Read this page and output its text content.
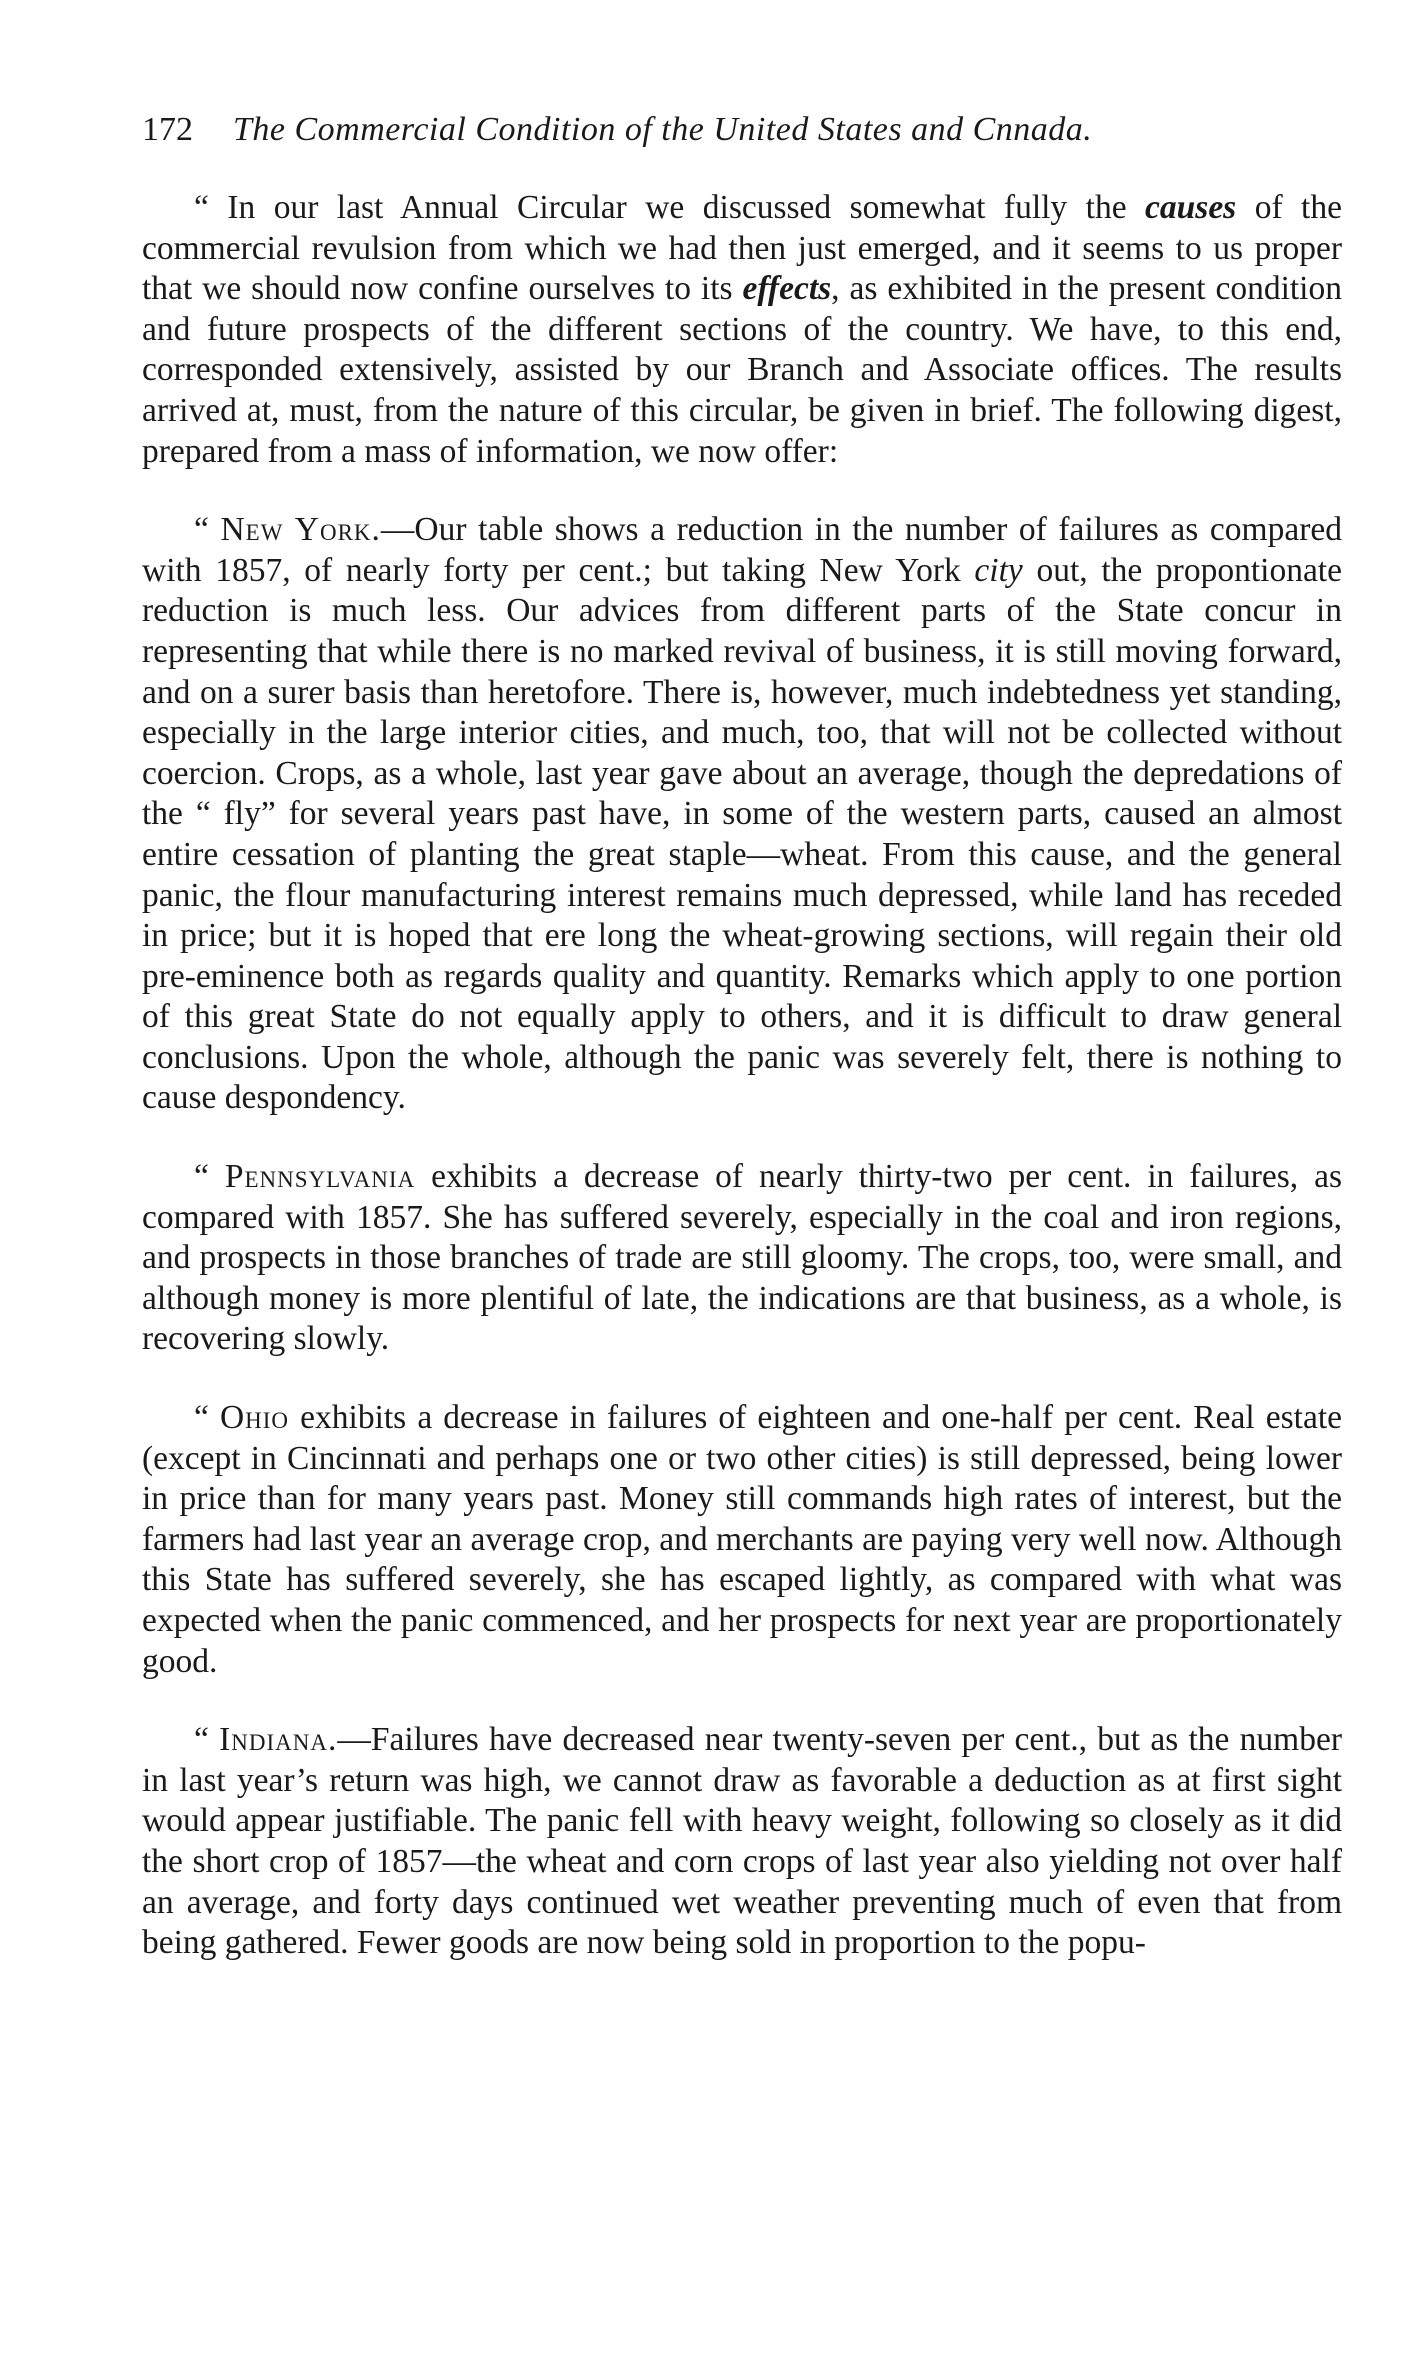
172 The Commercial Condition of the United States and Cnnada.

“ In our last Annual Circular we discussed somewhat fully the causes of the commercial revulsion from which we had then just emerged, and it seems to us proper that we should now confine ourselves to its effects, as exhibited in the present condition and future prospects of the different sections of the country. We have, to this end, corresponded extensively, assisted by our Branch and Associate offices. The results arrived at, must, from the nature of this circular, be given in brief. The following digest, prepared from a mass of information, we now offer:

“ New York.—Our table shows a reduction in the number of failures as compared with 1857, of nearly forty per cent.; but taking New York city out, the propontionate reduction is much less. Our advices from different parts of the State concur in representing that while there is no marked revival of business, it is still moving forward, and on a surer basis than heretofore. There is, however, much indebtedness yet standing, especially in the large interior cities, and much, too, that will not be collected without coercion. Crops, as a whole, last year gave about an average, though the depredations of the “ fly” for several years past have, in some of the western parts, caused an almost entire cessation of planting the great staple—wheat. From this cause, and the general panic, the flour manufacturing interest remains much depressed, while land has receded in price; but it is hoped that ere long the wheat-growing sections, will regain their old pre-eminence both as regards quality and quantity. Remarks which apply to one portion of this great State do not equally apply to others, and it is difficult to draw general conclusions. Upon the whole, although the panic was severely felt, there is nothing to cause despondency.

“ Pennsylvania exhibits a decrease of nearly thirty-two per cent. in failures, as compared with 1857. She has suffered severely, especially in the coal and iron regions, and prospects in those branches of trade are still gloomy. The crops, too, were small, and although money is more plentiful of late, the indications are that business, as a whole, is recovering slowly.

“ Ohio exhibits a decrease in failures of eighteen and one-half per cent. Real estate (except in Cincinnati and perhaps one or two other cities) is still depressed, being lower in price than for many years past. Money still commands high rates of interest, but the farmers had last year an average crop, and merchants are paying very well now. Although this State has suffered severely, she has escaped lightly, as compared with what was expected when the panic commenced, and her prospects for next year are proportionately good.

“ Indiana.—Failures have decreased near twenty-seven per cent., but as the number in last year’s return was high, we cannot draw as favorable a deduction as at first sight would appear justifiable. The panic fell with heavy weight, following so closely as it did the short crop of 1857—the wheat and corn crops of last year also yielding not over half an average, and forty days continued wet weather preventing much of even that from being gathered. Fewer goods are now being sold in proportion to the popu-
